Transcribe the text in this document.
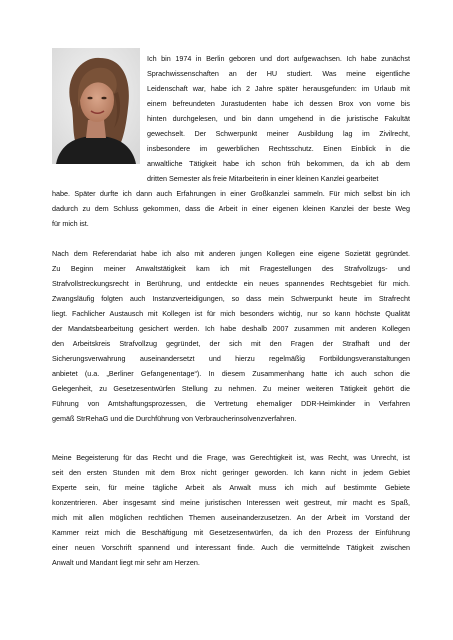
Ich bin 1974 in Berlin geboren und dort aufgewachsen. Ich habe zunächst
Sprachwissenschaften an der HU studiert. Was meine eigentliche
Leidenschaft war, habe ich 2 Jahre später herausgefunden: im Urlaub mit
einem befreundeten Jurastudenten habe ich dessen Brox von vorne bis
hinten durchgelesen, und bin dann umgehend in die juristische Fakultät
gewechselt. Der Schwerpunkt meiner Ausbildung lag im Zivilrecht,
insbesondere im gewerblichen Rechtsschutz. Einen Einblick in die
anwaltliche Tätigkeit habe ich schon früh bekommen, da ich ab dem
dritten Semester als freie Mitarbeiterin in einer kleinen Kanzlei gearbeitet
habe. Später durfte ich dann auch Erfahrungen in einer Großkanzlei sammeln. Für mich selbst bin ich
dadurch zu dem Schluss gekommen, dass die Arbeit in einer eigenen kleinen Kanzlei der beste Weg
für mich ist.
Nach dem Referendariat habe ich also mit anderen jungen Kollegen eine eigene Sozietät gegründet.
Zu Beginn meiner Anwaltstätigkeit kam ich mit Fragestellungen des Strafvollzugs- und
Strafvollstreckungsrecht in Berührung, und entdeckte ein neues spannendes Rechtsgebiet für mich.
Zwangsläufig folgten auch Instanzverteidigungen, so dass mein Schwerpunkt heute im Strafrecht
liegt. Fachlicher Austausch mit Kollegen ist für mich besonders wichtig, nur so kann höchste Qualität
der Mandatsbearbeitung gesichert werden. Ich habe deshalb 2007 zusammen mit anderen Kollegen
den Arbeitskreis Strafvollzug gegründet, der sich mit den Fragen der Strafhaft und der
Sicherungsverwahrung auseinandersetzt und hierzu regelmäßig Fortbildungsveranstaltungen
anbietet (u.a. „Berliner Gefangenentage“). In diesem Zusammenhang hatte ich auch schon die
Gelegenheit, zu Gesetzesentwürfen Stellung zu nehmen. Zu meiner weiteren Tätigkeit gehört die
Führung von Amtshaftungsprozessen, die Vertretung ehemaliger DDR-Heimkinder in Verfahren
gemäß StrRehaG und die Durchführung von Verbraucherinsolvenzverfahren.
Meine Begeisterung für das Recht und die Frage, was Gerechtigkeit ist, was Recht, was Unrecht, ist
seit den ersten Stunden mit dem Brox nicht geringer geworden. Ich kann nicht in jedem Gebiet
Experte sein, für meine tägliche Arbeit als Anwalt muss ich mich auf bestimmte Gebiete
konzentrieren. Aber insgesamt sind meine juristischen Interessen weit gestreut, mir macht es Spaß,
mich mit allen möglichen rechtlichen Themen auseinanderzusetzen. An der Arbeit im Vorstand der
Kammer reizt mich die Beschäftigung mit Gesetzesentwürfen, da ich den Prozess der Einführung
einer neuen Vorschrift spannend und interessant finde. Auch die vermittelnde Tätigkeit zwischen
Anwalt und Mandant liegt mir sehr am Herzen.
